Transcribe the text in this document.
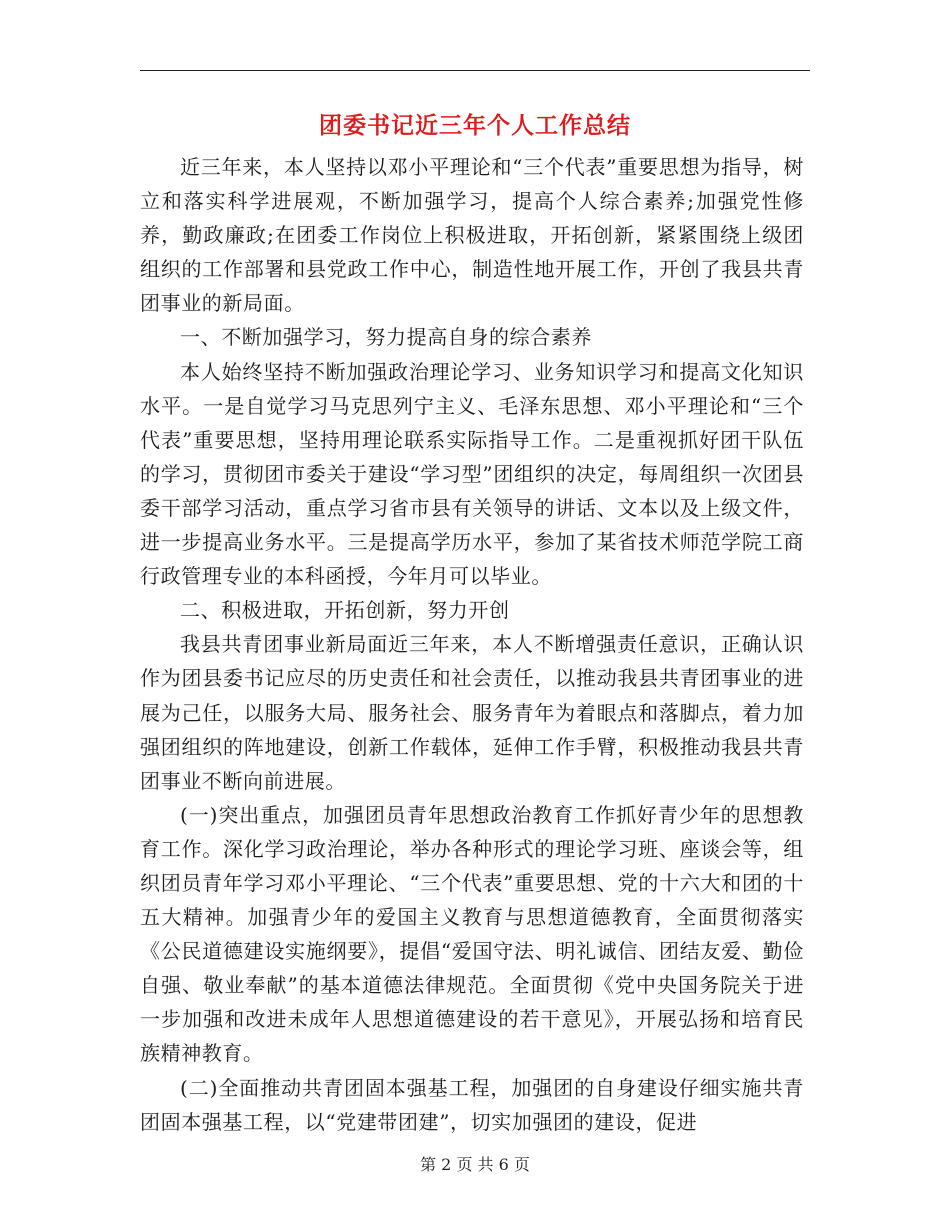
团委书记近三年个人工作总结

近三年来，本人坚持以邓小平理论和“三个代表”重要思想为指导，树立和落实科学进展观，不断加强学习，提高个人综合素养;加强党性修养，勤政廉政;在团委工作岗位上积极进取，开拓创新，紧紧围绕上级团组织的工作部署和县党政工作中心，制造性地开展工作，开创了我县共青团事业的新局面。

一、不断加强学习，努力提高自身的综合素养

本人始终坚持不断加强政治理论学习、业务知识学习和提高文化知识水平。一是自觉学习马克思列宁主义、毛泽东思想、邓小平理论和“三个代表”重要思想，坚持用理论联系实际指导工作。二是重视抓好团干队伍的学习，贯彻团市委关于建设“学习型”团组织的决定，每周组织一次团县委干部学习活动，重点学习省市县有关领导的讲话、文本以及上级文件，进一步提高业务水平。三是提高学历水平，参加了某省技术师范学院工商行政管理专业的本科函授，今年月可以毕业。

二、积极进取，开拓创新，努力开创

我县共青团事业新局面近三年来，本人不断增强责任意识，正确认识作为团县委书记应尽的历史责任和社会责任，以推动我县共青团事业的进展为己任，以服务大局、服务社会、服务青年为着眼点和落脚点，着力加强团组织的阵地建设，创新工作载体，延伸工作手臂，积极推动我县共青团事业不断向前进展。

(一)突出重点，加强团员青年思想政治教育工作抓好青少年的思想教育工作。深化学习政治理论，举办各种形式的理论学习班、座谈会等，组织团员青年学习邓小平理论、“三个代表”重要思想、党的十六大和团的十五大精神。加强青少年的爱国主义教育与思想道德教育，全面贯彻落实《公民道德建设实施纲要》，提倡“爱国守法、明礼诚信、团结友爱、勤俭自强、敬业奉献”的基本道德法律规范。全面贯彻《党中央国务院关于进一步加强和改进未成年人思想道德建设的若干意见》，开展弘扬和培育民族精神教育。

(二)全面推动共青团固本强基工程，加强团的自身建设仔细实施共青团固本强基工程，以“党建带团建”，切实加强团的建设，促进

第 2 页 共 6 页
